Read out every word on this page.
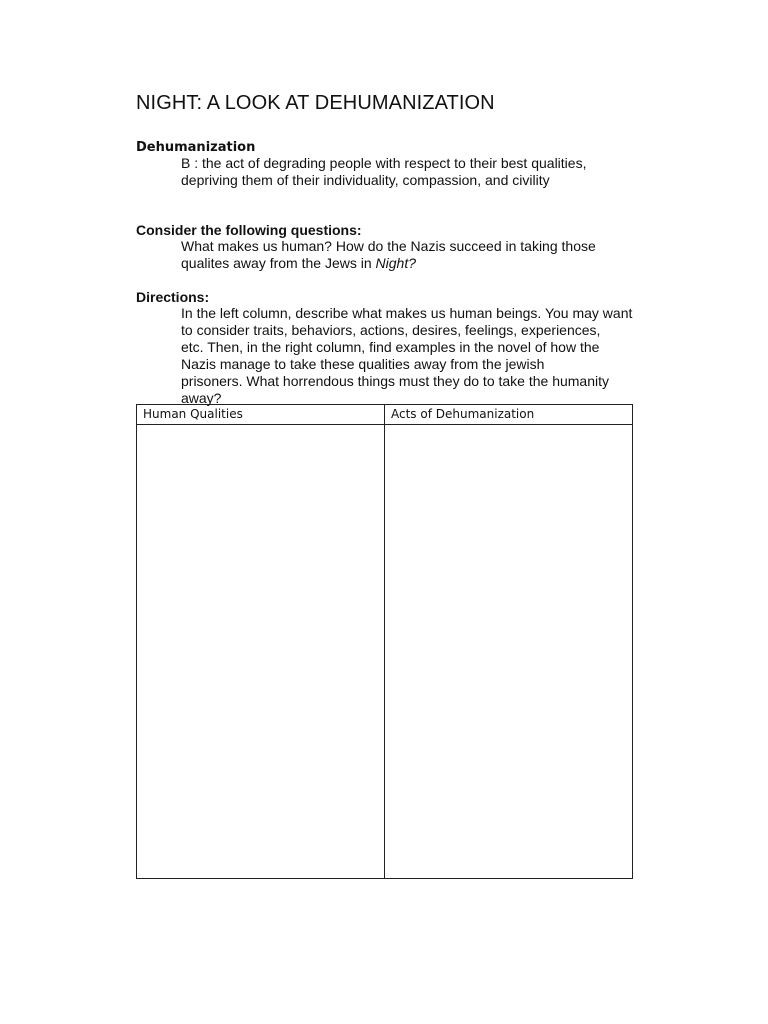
NIGHT: A LOOK AT DEHUMANIZATION
Dehumanization
B : the act of degrading people with respect to their best qualities,
depriving them of their individuality, compassion, and civility
Consider the following questions:
What makes us human? How do the Nazis succeed in taking those
qualites away from the Jews in Night?
Directions:
In the left column, describe what makes us human beings. You may want
to consider traits, behaviors, actions, desires, feelings, experiences,
etc. Then, in the right column, find examples in the novel of how the
Nazis manage to take these qualities away from the jewish
prisoners. What horrendous things must they do to take the humanity
away?
Human Qualities	Acts of Dehumanization
